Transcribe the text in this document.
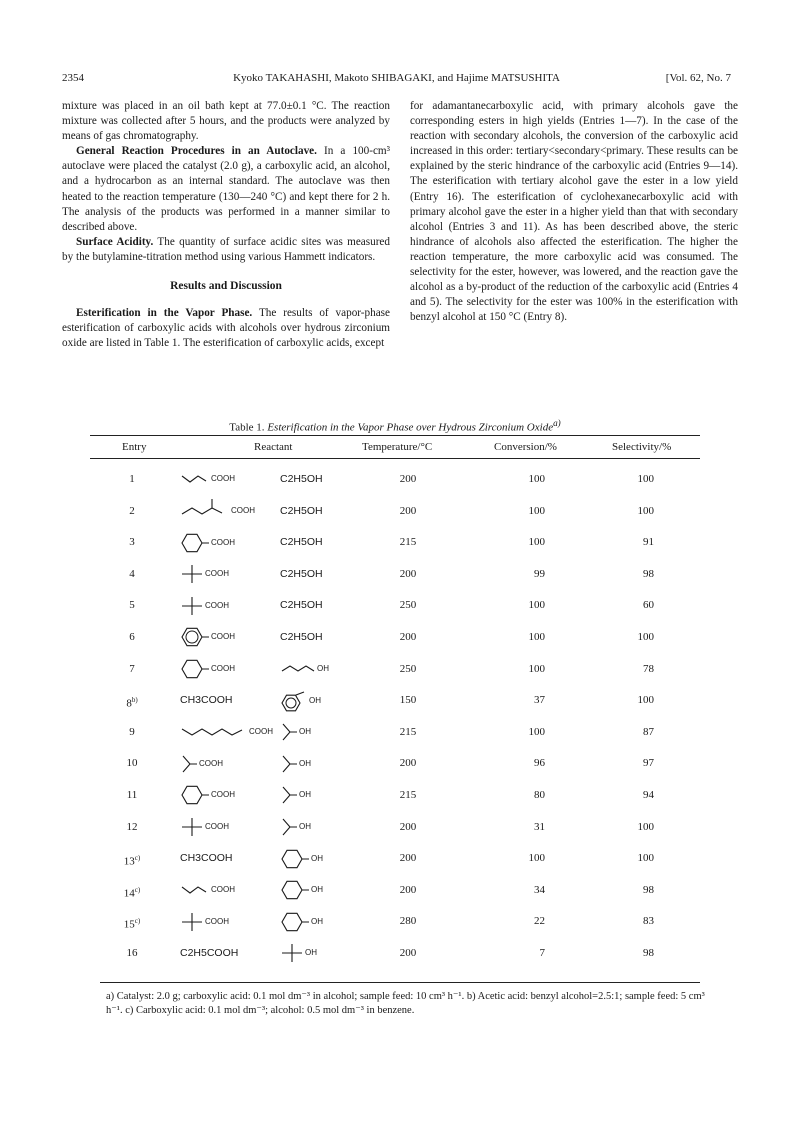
2354	Kyoko TAKAHASHI, Makoto SHIBAGAKI, and Hajime MATSUSHITA	[Vol. 62, No. 7

mixture was placed in an oil bath kept at 77.0±0.1 °C. The reaction mixture was collected after 5 hours, and the products were analyzed by means of gas chromatography.

General Reaction Procedures in an Autoclave. In a 100-cm³ autoclave were placed the catalyst (2.0 g), a carboxylic acid, an alcohol, and a hydrocarbon as an internal standard. The autoclave was then heated to the reaction temperature (130—240 °C) and kept there for 2 h. The analysis of the products was performed in a manner similar to described above.

Surface Acidity. The quantity of surface acidic sites was measured by the butylamine-titration method using various Hammett indicators.

Results and Discussion

Esterification in the Vapor Phase. The results of vapor-phase esterification of carboxylic acids with alcohols over hydrous zirconium oxide are listed in Table 1. The esterification of carboxylic acids, except

for adamantanecarboxylic acid, with primary alcohols gave the corresponding esters in high yields (Entries 1—7). In the case of the reaction with secondary alcohols, the conversion of the carboxylic acid increased in this order: tertiary<secondary<primary. These results can be explained by the steric hindrance of the carboxylic acid (Entries 9—14). The esterification with tertiary alcohol gave the ester in a low yield (Entry 16). The esterification of cyclohexanecarboxylic acid with primary alcohol gave the ester in a higher yield than that with secondary alcohol (Entries 3 and 11). As has been described above, the steric hindrance of alcohols also affected the esterification. The higher the reaction temperature, the more carboxylic acid was consumed. The selectivity for the ester, however, was lowered, and the reaction gave the alcohol as a by-product of the reduction of the carboxylic acid (Entries 4 and 5). The selectivity for the ester was 100% in the esterification with benzyl alcohol at 150 °C (Entry 8).

Table 1. Esterification in the Vapor Phase over Hydrous Zirconium Oxide$^{a)}$
Entry	Reactant	Temperature/°C	Conversion/%	Selectivity/%
1	COOH	C2H5OH	200	100	100
2	COOH C2H5OH	200	100	100
3	COOH	C2H5OH	215	100	91
4	COOH	C2H5OH	200	99	98
5	COOH	C2H5OH	250	100	60
6	COOH	C2H5OH	200	100	100
7	COOH	OH	250	100	78
8$^{b)}$	CH3COOH	OH	150	37	100
9	COOH	OH	215	100	87
10	COOH	OH	200	96	97
11	COOH	OH	215	80	94
12	COOH	OH	200	31	100
13$^{c)}$	CH3COOH	OH	200	100	100
14$^{c)}$	COOH	OH	200	34	98
15$^{c)}$	COOH	OH	280	22	83
16	C2H5COOH	OH	200	7	98
a) Catalyst: 2.0 g; carboxylic acid: 0.1 mol dm⁻³ in alcohol; sample feed: 10 cm³ h⁻¹. b) Acetic acid: benzyl alcohol=2.5:1; sample feed: 5 cm³ h⁻¹. c) Carboxylic acid: 0.1 mol dm⁻³; alcohol: 0.5 mol dm⁻³ in benzene.
